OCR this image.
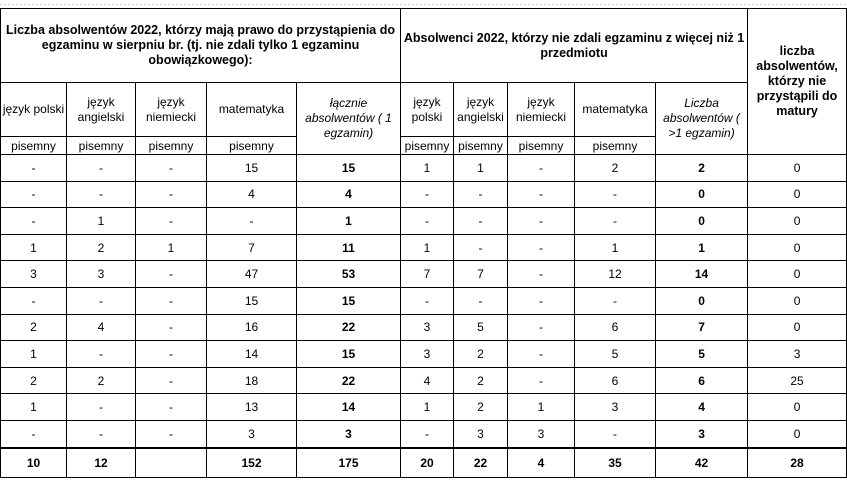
Liczba absolwentów 2022, którzy mają prawo do przystąpienia do egzaminu w sierpniu br. (tj. nie zdali tylko 1 egzaminu obowiązkowego):					Absolwenci 2022, którzy nie zdali egzaminu z więcej niż 1 przedmiotu					liczba absolwentów, którzy nie przystąpili do matury
język polski	język angielski	język niemiecki	matematyka	łącznie absolwentów ( 1 egzamin)	język polski	język angielski	język niemiecki	matematyka	Liczba absolwentów ( >1 egzamin)	
pisemny	pisemny	pisemny	pisemny		pisemny	pisemny	pisemny	pisemny		
-	-	-	15	15	1	1	-	2	2	0
-	-	-	4	4	-	-	-	-	0	0
-	1	-	-	1	-	-	-	-	0	0
1	2	1	7	11	1	-	-	1	1	0
3	3	-	47	53	7	7	-	12	14	0
-	-	-	15	15	-	-	-	-	0	0
2	4	-	16	22	3	5	-	6	7	0
1	-	-	14	15	3	2	-	5	5	3
2	2	-	18	22	4	2	-	6	6	25
1	-	-	13	14	1	2	1	3	4	0
-	-	-	3	3	-	3	3	-	3	0
10	12		152	175	20	22	4	35	42	28
